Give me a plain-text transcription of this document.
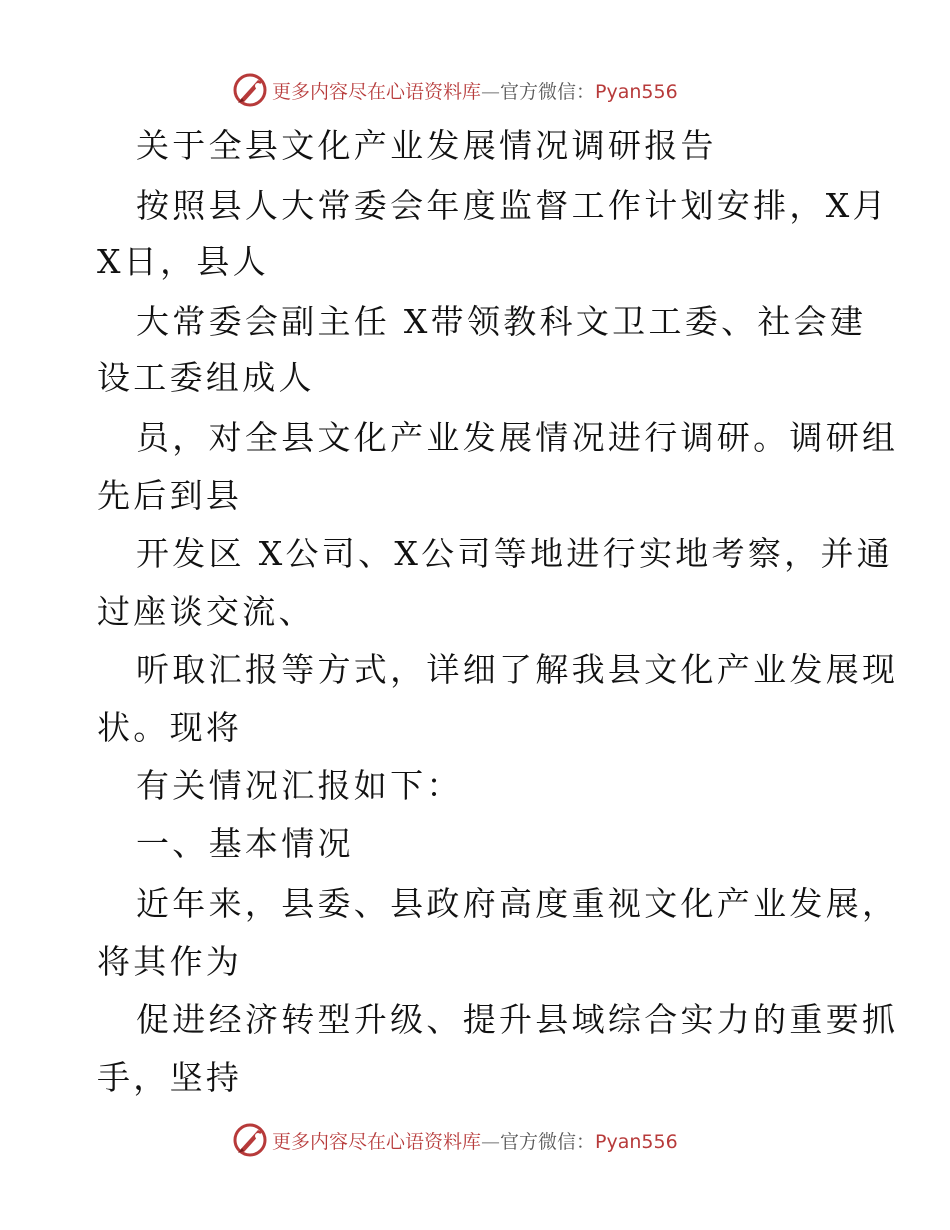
更多内容尽在心语资料库—官方微信：Pyan556
关于全县文化产业发展情况调研报告
按照县人大常委会年度监督工作计划安排，X月
X日，县人
大常委会副主任 X带领教科文卫工委、社会建
设工委组成人
员，对全县文化产业发展情况进行调研。调研组
先后到县
开发区 X公司、X公司等地进行实地考察，并通
过座谈交流、
听取汇报等方式，详细了解我县文化产业发展现
状。现将
有关情况汇报如下：
一、基本情况
近年来，县委、县政府高度重视文化产业发展，
将其作为
促进经济转型升级、提升县域综合实力的重要抓
手，坚持
更多内容尽在心语资料库—官方微信：Pyan556
